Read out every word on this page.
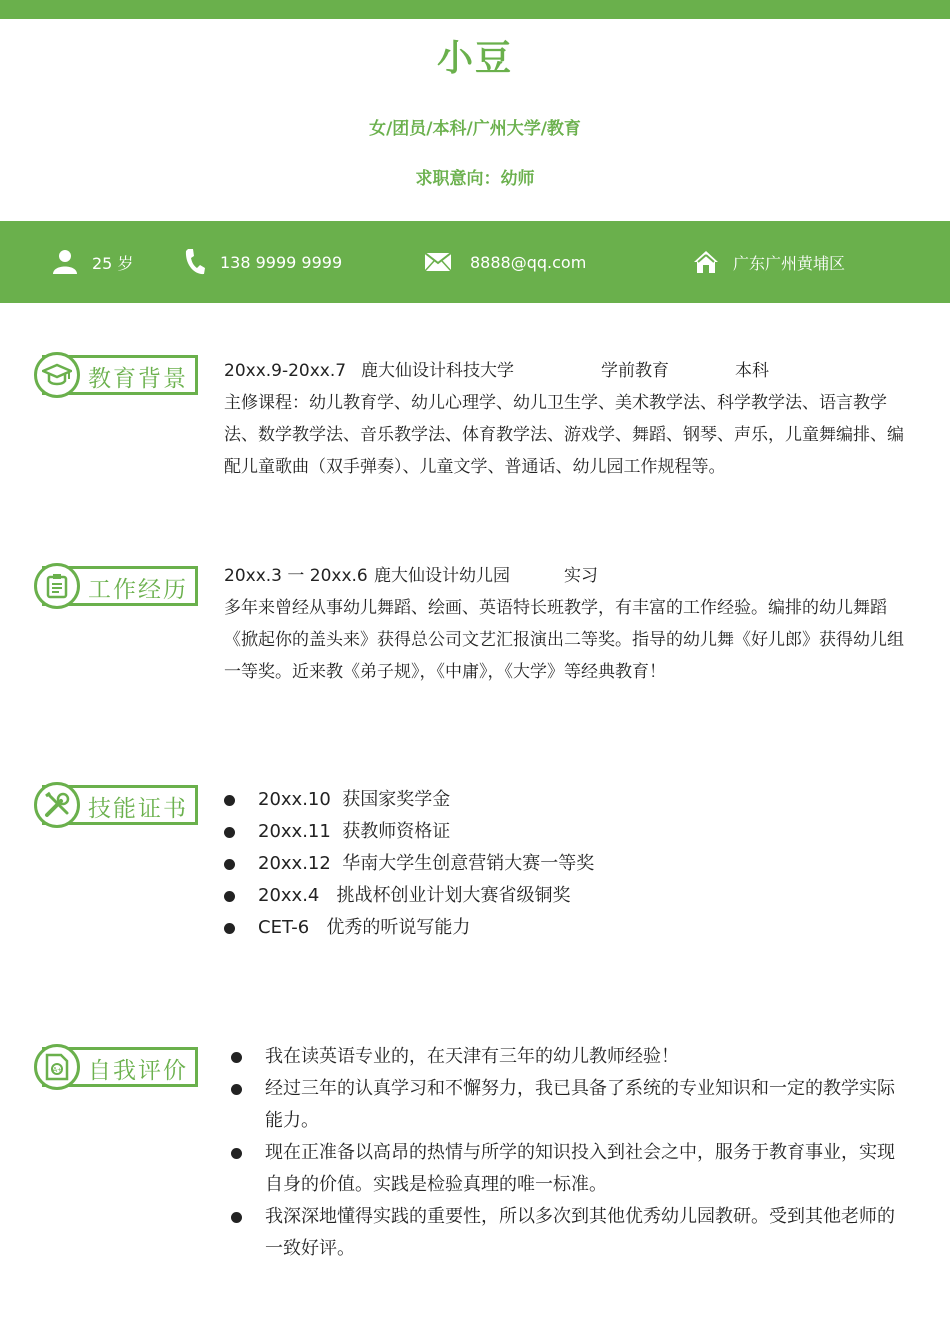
小豆
女/团员/本科/广州大学/教育
求职意向：幼师
25 岁	138 9999 9999	8888@qq.com	广东广州黄埔区
教育背景 20xx.9-20xx.7 鹿大仙设计科技大学	学前教育	本科
主修课程：幼儿教育学、幼儿心理学、幼儿卫生学、美术教学法、科学教学法、语言教学法、数学教学法、音乐教学法、体育教学法、游戏学、舞蹈、钢琴、声乐，儿童舞编排、编配儿童歌曲（双手弹奏）、儿童文学、普通话、幼儿园工作规程等。
工作经历
20xx.3 一 20xx.6 鹿大仙设计幼儿园	实习
多年来曾经从事幼儿舞蹈、绘画、英语特长班教学，有丰富的工作经验。编排的幼儿舞蹈《掀起你的盖头来》获得总公司文艺汇报演出二等奖。指导的幼儿舞《好儿郎》获得幼儿组一等奖。近来教《弟子规》，《中庸》，《大学》等经典教育！
技能证书	20xx.10  获国家奖学金
20xx.11  获教师资格证
20xx.12  华南大学生创意营销大赛一等奖
20xx.4   挑战杯创业计划大赛省级铜奖
CET-6   优秀的听说写能力
A+ 自我评价
我在读英语专业的，在天津有三年的幼儿教师经验！
经过三年的认真学习和不懈努力，我已具备了系统的专业知识和一定的教学实际能力。
现在正准备以高昂的热情与所学的知识投入到社会之中，服务于教育事业，实现自身的价值。实践是检验真理的唯一标准。
我深深地懂得实践的重要性，所以多次到其他优秀幼儿园教研。受到其他老师的一致好评。
